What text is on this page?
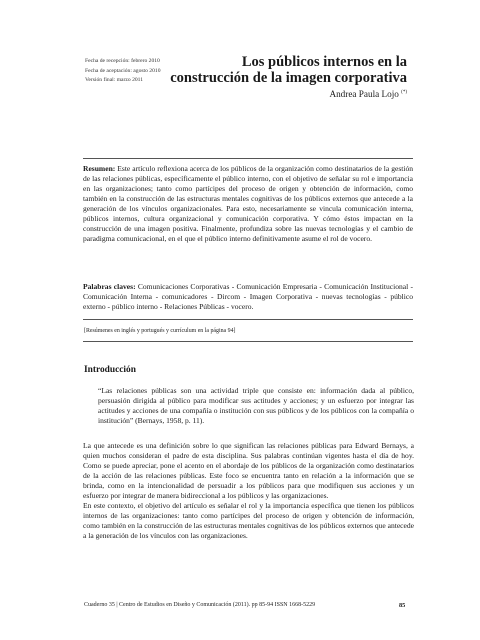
Fecha de recepción: febrero 2010
Fecha de aceptación: agosto 2010
Versión final: marzo 2011
Los públicos internos en la
construcción de la imagen corporativa
Andrea Paula Lojo (*)

Resumen: Este artículo reflexiona acerca de los públicos de la organización como destinatarios de la gestión de las relaciones públicas, específicamente el público interno, con el objetivo de señalar su rol e importancia en las organizaciones; tanto como partícipes del proceso de origen y obtención de información, como también en la construcción de las estructuras mentales cognitivas de los públicos externos que antecede a la generación de los vínculos organizacionales. Para esto, necesariamente se vincula comunicación interna, públicos internos, cultura organizacional y comunicación corporativa. Y cómo éstos impactan en la construcción de una imagen positiva. Finalmente, profundiza sobre las nuevas tecnologías y el cambio de paradigma comunicacional, en el que el público interno definitivamente asume el rol de vocero.

Palabras claves: Comunicaciones Corporativas - Comunicación Empresaria - Comunicación Institucional - Comunicación Interna - comunicadores - Dircom - Imagen Corporativa - nuevas tecnologías - público externo - público interno - Relaciones Públicas - vocero.

[Resúmenes en inglés y portugués y currículum en la página 94]
Introducción

“Las relaciones públicas son una actividad triple que consiste en: información dada al público, persuasión dirigida al público para modificar sus actitudes y acciones; y un esfuerzo por integrar las actitudes y acciones de una compañía o institución con sus públicos y de los públicos con la compañía o institución” (Bernays, 1958, p. 11).

La que antecede es una definición sobre lo que significan las relaciones públicas para Edward Bernays, a quien muchos consideran el padre de esta disciplina. Sus palabras continúan vigentes hasta el día de hoy. Como se puede apreciar, pone el acento en el abordaje de los públicos de la organización como destinatarios de la acción de las relaciones públicas. Este foco se encuentra tanto en relación a la información que se brinda, como en la intencionalidad de persuadir a los públicos para que modifiquen sus acciones y un esfuerzo por integrar de manera bidireccional a los públicos y las organizaciones.

En este contexto, el objetivo del artículo es señalar el rol y la importancia específica que tienen los públicos internos de las organizaciones: tanto como partícipes del proceso de origen y obtención de información, como también en la construcción de las estructuras mentales cognitivas de los públicos externos que antecede a la generación de los vínculos con las organizaciones.

Cuaderno 35 | Centro de Estudios en Diseño y Comunicación (2011). pp 85-94 ISSN 1668-5229	85
